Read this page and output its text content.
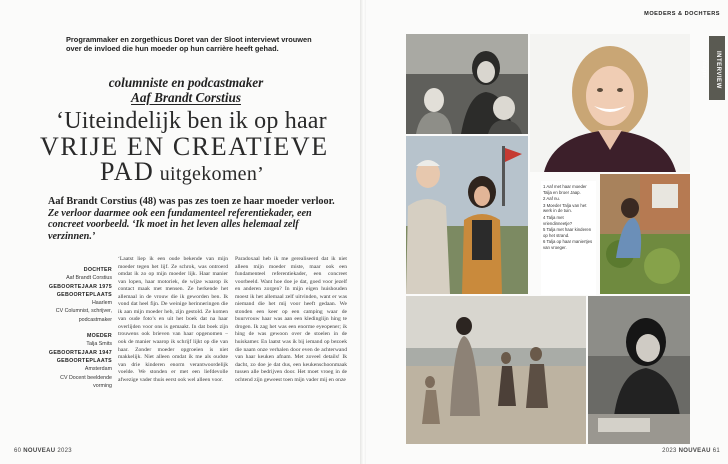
Programmaker en zorgethicus Doret van der Sloot interviewt vrouwen over de invloed die hun moeder op hun carrière heeft gehad.

columniste en podcastmaker
Aaf Brandt Corstius
‘Uiteindelijk ben ik op haar
VRIJE EN CREATIEVE
PAD uitgekomen’

Aaf Brandt Corstius (48) was pas zes toen ze haar moeder verloor. Ze verloor daarmee ook een fundamenteel referentiekader, een concreet voorbeeld. ‘Ik moet in het leven alles helemaal zelf verzinnen.’

DOCHTER
Aaf Brandt Corstius
GEBOORTEJAAR 1975
GEBOORTEPLAATS
Haarlem
CV Columnist, schrijver, podcastmaker
MOEDER
Talja Smits
GEBOORTEJAAR 1947
GEBOORTEPLAATS
Amsterdam
CV Docent beeldende vorming

‘Laatst liep ik een oude bekende van mijn moeder tegen het lijf. Ze schrok, was ontroerd omdat ik zo op mijn moeder lijk. Haar manier van lopen, haar motoriek, de wijze waarop ik contact maak met mensen. Ze herkende het allemaal in de vrouw die ik geworden ben. Ik vond dat heel fijn. De weinige herinneringen die ik aan mijn moeder heb, zijn gestold. Ze komen van oude foto’s en uit het boek dat na haar overlijden voor ons is gemaakt. In dat boek zijn trouwens ook brieven van haar opgenomen – ook de manier waarop ik schrijf lijkt op die van haar. Zonder moeder opgroeien is niet makkelijk. Niet alleen omdat ik me als oudste van drie kinderen enorm verantwoordelijk voelde. We stonden er met een liefdevolle afwezige vader thuis eerst ook wel alleen voor.

Paradoxaal heb ik me gerealiseerd dat ik niet alleen mijn moeder miste, maar ook een fundamenteel referentiekader, een concreet voorbeeld. Want hoe doe je dat, goed voor jezelf en anderen zorgen? In mijn eigen huishouden moest ik het allemaal zelf uitvinden, want er was niemand die het mij voor heeft gedaan. We stonden een keer op een camping waar de buurvrouw haar was aan een kledinglijn hing te drogen. Ik zag het was een enorme eyeopener; ik hing de was gewoon over de stoelen in de huiskamer. En laatst was ik bij iemand op bezoek die naam onze verhalen door even de achterwand van haar keuken afnam. Met zoveel details! Ik dacht, zo doe je dat dus, een keukenschoonmaak tussen alle bedrijven door. Het moet vroeg in de ochtend zijn geweest toen mijn vader mij en onze

60 NOUVEAU 2023
MOEDERS & DOCHTERS
INTERVIEW
ledger
1 Aaf met haar moeder Talja en broer Jaap.
2 Aaf nu.
3 Moeder Talja van het werk in de tuin.
4 Talja met vriendinneetje?
5 Talja met haar kinderen op het strand.
6 Talja op haar maniertjes van vroeger.
2023 NOUVEAU 61
